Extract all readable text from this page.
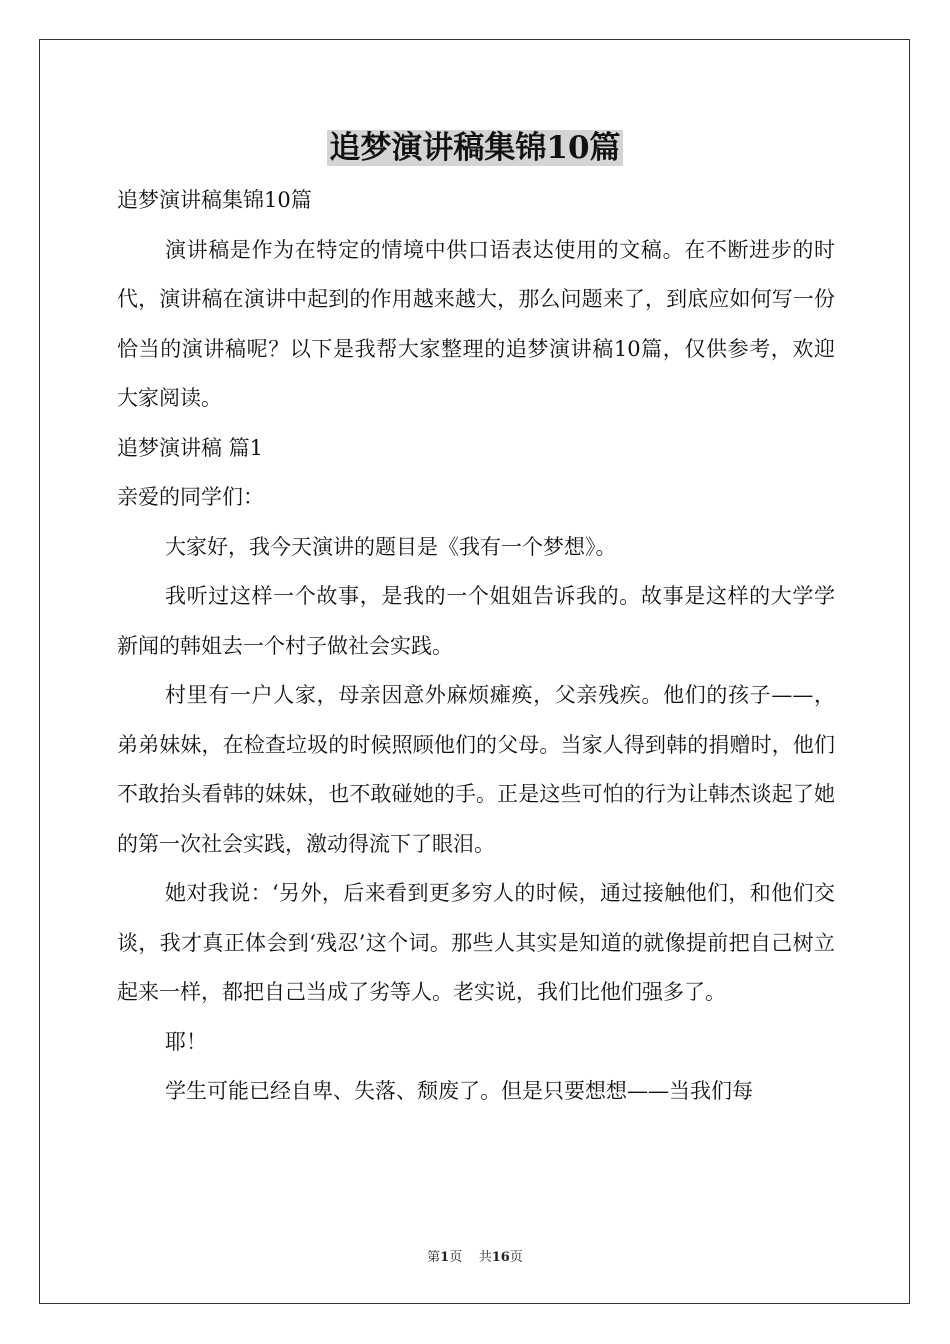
追梦演讲稿集锦10篇

追梦演讲稿集锦10篇

演讲稿是作为在特定的情境中供口语表达使用的文稿。在不断进步的时代，演讲稿在演讲中起到的作用越来越大，那么问题来了，到底应如何写一份恰当的演讲稿呢？以下是我帮大家整理的追梦演讲稿10篇，仅供参考，欢迎大家阅读。

追梦演讲稿 篇1

亲爱的同学们：

大家好，我今天演讲的题目是《我有一个梦想》。

我听过这样一个故事，是我的一个姐姐告诉我的。故事是这样的大学学新闻的韩姐去一个村子做社会实践。

村里有一户人家，母亲因意外麻烦瘫痪，父亲残疾。他们的孩子——，弟弟妹妹，在检查垃圾的时候照顾他们的父母。当家人得到韩的捐赠时，他们不敢抬头看韩的妹妹，也不敢碰她的手。正是这些可怕的行为让韩杰谈起了她的第一次社会实践，激动得流下了眼泪。

她对我说：‘另外，后来看到更多穷人的时候，通过接触他们，和他们交谈，我才真正体会到‘残忍’这个词。那些人其实是知道的就像提前把自己树立起来一样，都把自己当成了劣等人。老实说，我们比他们强多了。

耶！

学生可能已经自卑、失落、颓废了。但是只要想想——当我们每

第1页 共16页
